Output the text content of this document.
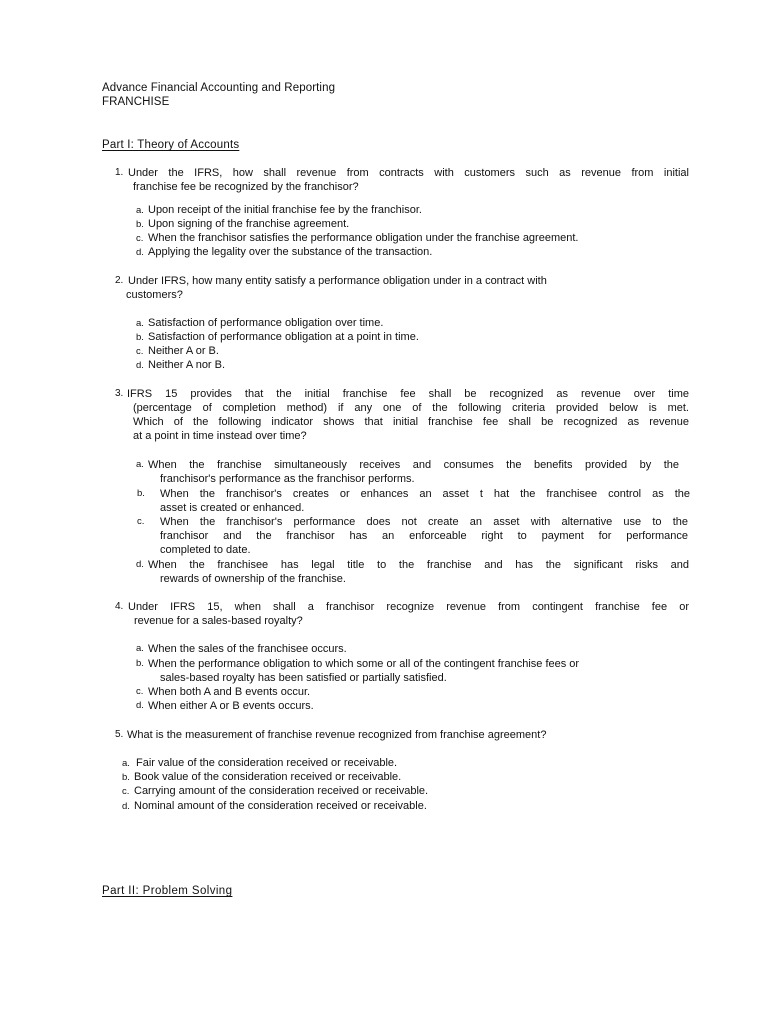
Advance Financial Accounting and Reporting
FRANCHISE
Part I: Theory of Accounts
1. Under the IFRS, how shall revenue from contracts with customers such as revenue from initial
franchise fee be recognized by the franchisor?
a. Upon receipt of the initial franchise fee by the franchisor.
b. Upon signing of the franchise agreement.
c. When the franchisor satisfies the performance obligation under the franchise agreement.
d. Applying the legality over the substance of the transaction.
2. Under IFRS, how many entity satisfy a performance obligation under in a contract with
customers?
a. Satisfaction of performance obligation over time.
b. Satisfaction of performance obligation at a point in time.
c. Neither A or B.
d. Neither A nor B.
3. IFRS 15 provides that the initial franchise fee shall be recognized as revenue over time
(percentage of completion method) if any one of the following criteria provided below is met.
Which of the following indicator shows that initial franchise fee shall be recognized as revenue
at a point in time instead over time?
a. When the franchise simultaneously receives and consumes the benefits provided by the
franchisor's performance as the franchisor performs.
b. When the franchisor's creates or enhances an asset t hat the franchisee control as the
asset is created or enhanced.
c. When the franchisor's performance does not create an asset with alternative use to the
franchisor and the franchisor has an enforceable right to payment for performance
completed to date.
d. When the franchisee has legal title to the franchise and has the significant risks and
rewards of ownership of the franchise.
4. Under IFRS 15, when shall a franchisor recognize revenue from contingent franchise fee or
revenue for a sales-based royalty?
a. When the sales of the franchisee occurs.
b. When the performance obligation to which some or all of the contingent franchise fees or
sales-based royalty has been satisfied or partially satisfied.
c. When both A and B events occur.
d. When either A or B events occurs.
5. What is the measurement of franchise revenue recognized from franchise agreement?
a. Fair value of the consideration received or receivable.
b. Book value of the consideration received or receivable.
c. Carrying amount of the consideration received or receivable.
d. Nominal amount of the consideration received or receivable.
Part II: Problem Solving
